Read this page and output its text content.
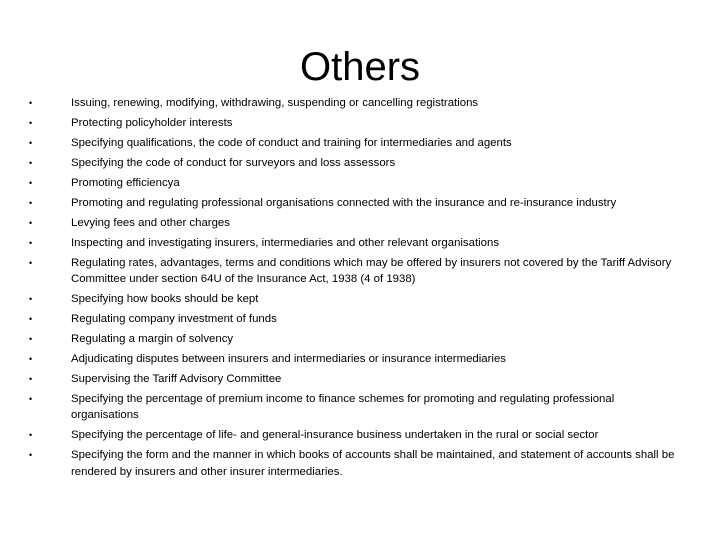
Others
•	Issuing, renewing, modifying, withdrawing, suspending or cancelling registrations
•	Protecting policyholder interests
•	Specifying qualifications, the code of conduct and training for intermediaries and agents
•	Specifying the code of conduct for surveyors and loss assessors
•	Promoting efficiencya
•	Promoting and regulating professional organisations connected with the insurance and re-insurance industry
•	Levying fees and other charges
•	Inspecting and investigating insurers, intermediaries and other relevant organisations
•	Regulating rates, advantages, terms and conditions which may be offered by insurers not covered by the Tariff Advisory Committee under section 64U of the Insurance Act, 1938 (4 of 1938)
•	Specifying how books should be kept
•	Regulating company investment of funds
•	Regulating a margin of solvency
•	Adjudicating disputes between insurers and intermediaries or insurance intermediaries
•	Supervising the Tariff Advisory Committee
•	Specifying the percentage of premium income to finance schemes for promoting and regulating professional organisations
•	Specifying the percentage of life- and general-insurance business undertaken in the rural or social sector
•	Specifying the form and the manner in which books of accounts shall be maintained, and statement of accounts shall be rendered by insurers and other insurer intermediaries.
